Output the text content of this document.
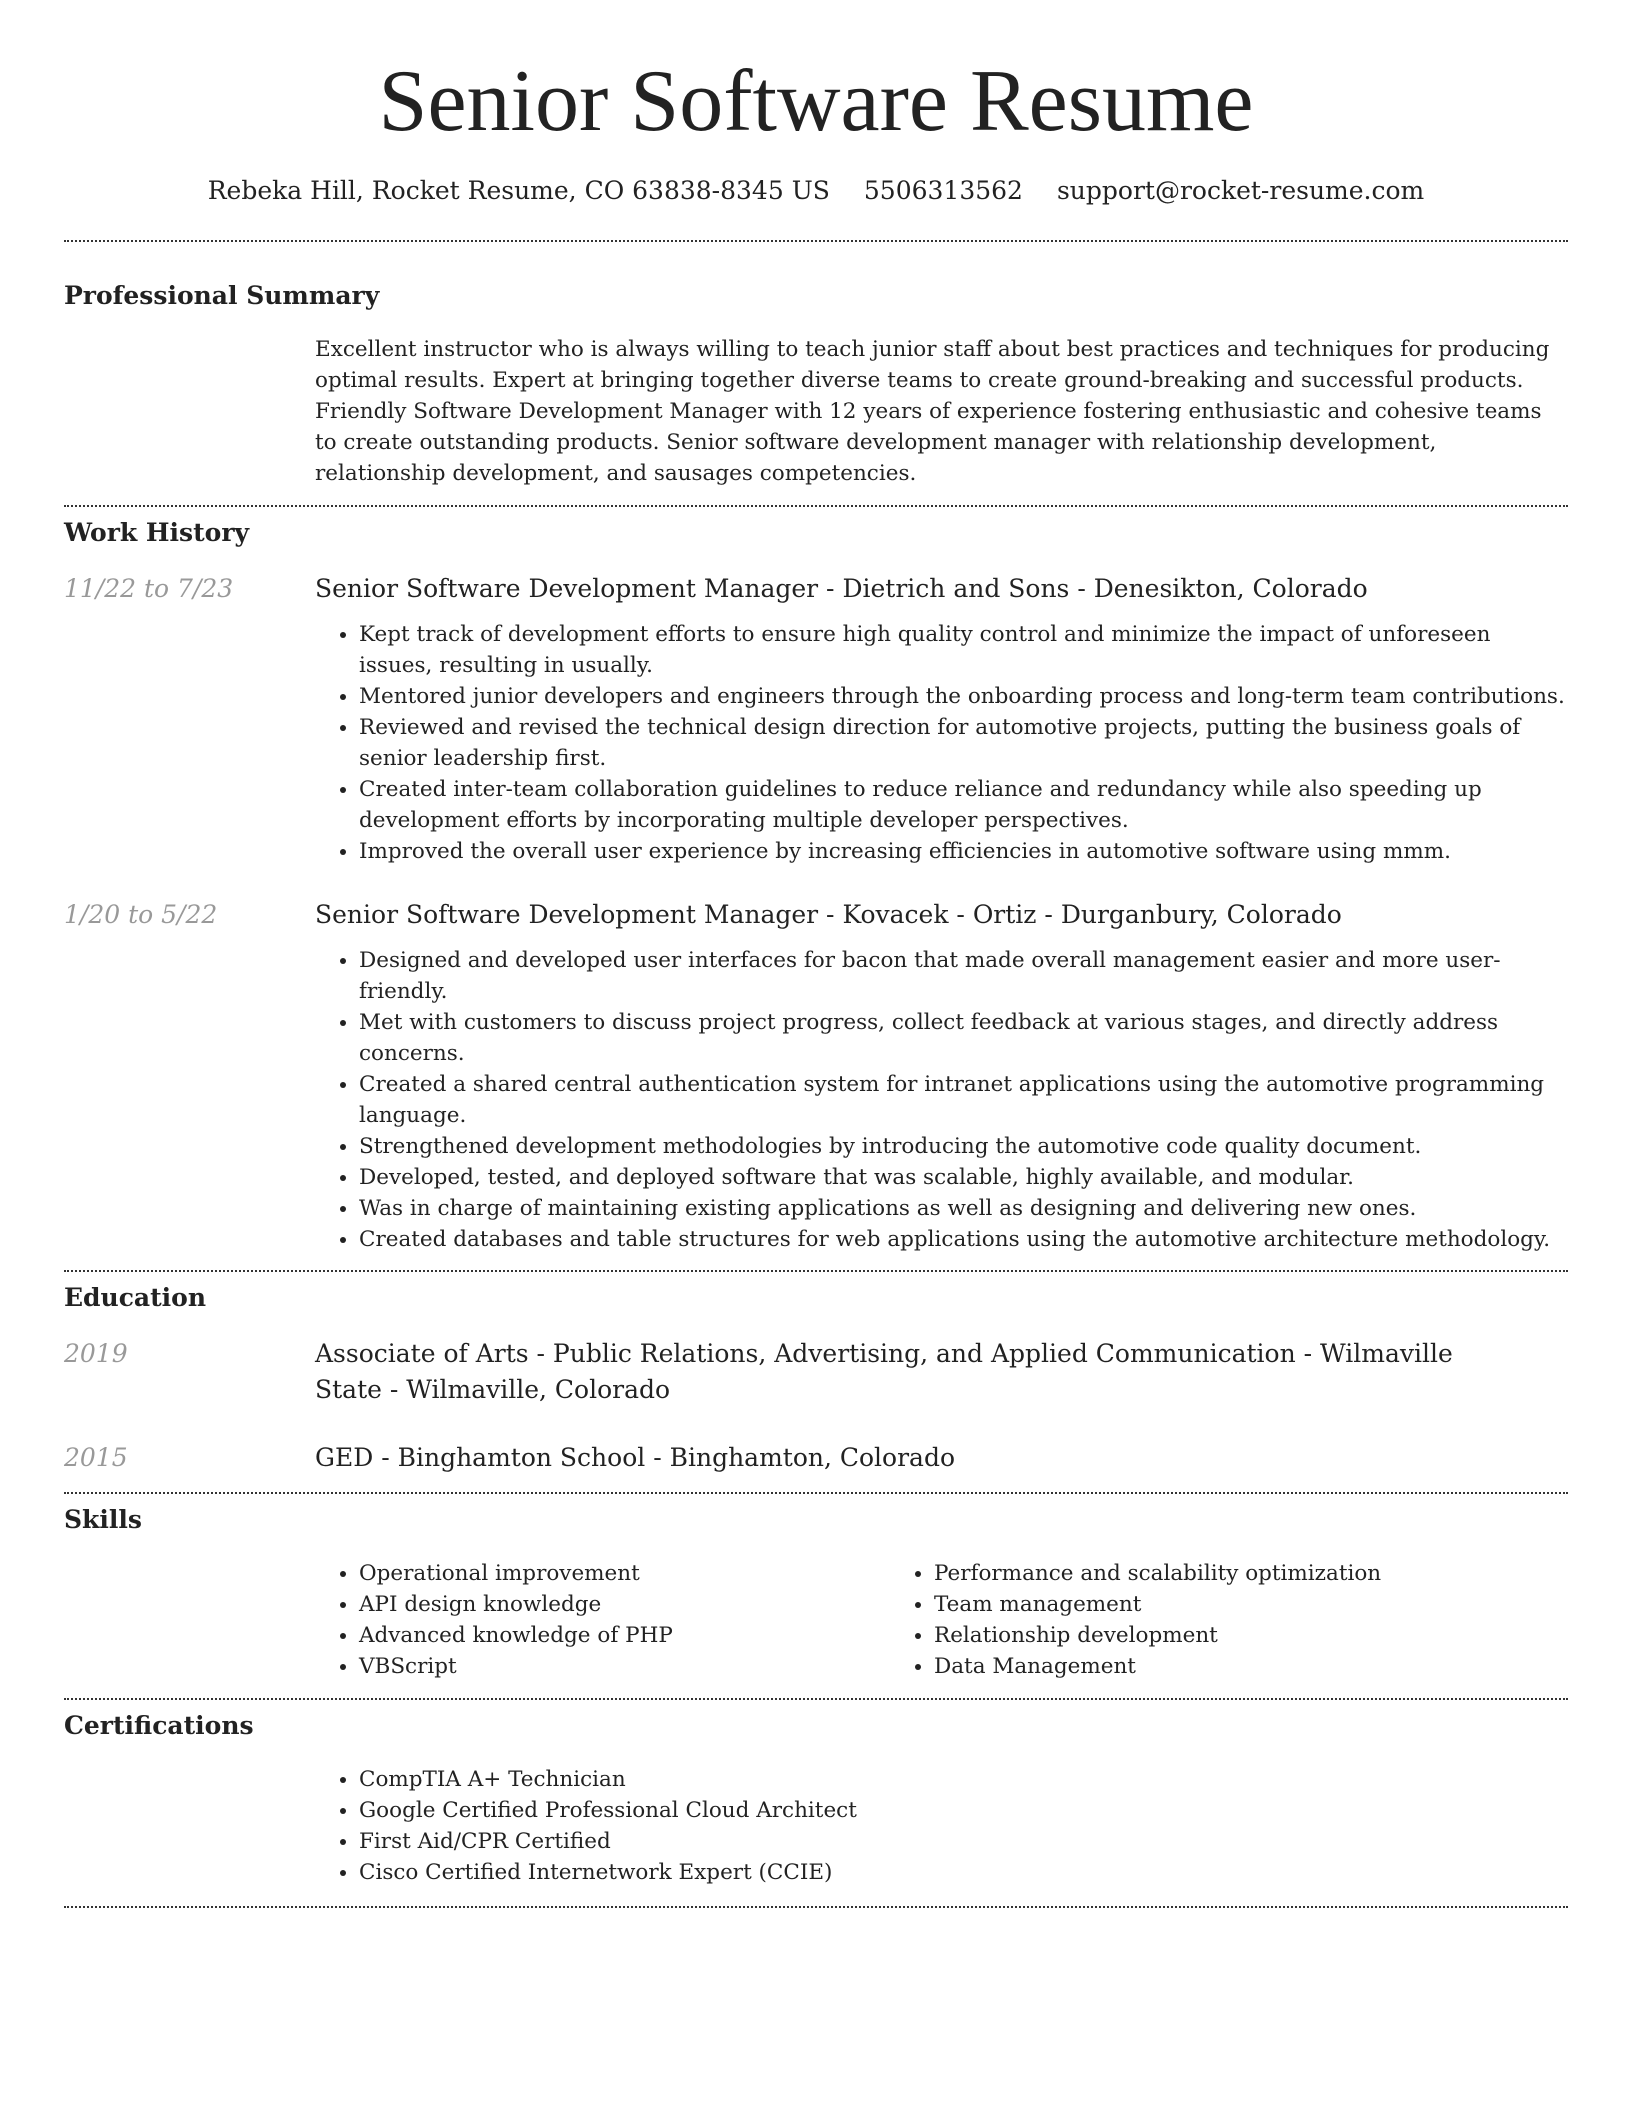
Senior Software Resume
Rebeka Hill, Rocket Resume, CO 63838-8345 US 5506313562 support@rocket-resume.com
Professional Summary

Excellent instructor who is always willing to teach junior staff about best practices and techniques for producing optimal results. Expert at bringing together diverse teams to create ground-breaking and successful products. Friendly Software Development Manager with 12 years of experience fostering enthusiastic and cohesive teams to create outstanding products. Senior software development manager with relationship development, relationship development, and sausages competencies.

Work History
11/22 to 7/23	Senior Software Development Manager - Dietrich and Sons - Denesikton, Colorado
• Kept track of development efforts to ensure high quality control and minimize the impact of unforeseen issues, resulting in usually.
• Mentored junior developers and engineers through the onboarding process and long-term team contributions.
• Reviewed and revised the technical design direction for automotive projects, putting the business goals of senior leadership first.
• Created inter-team collaboration guidelines to reduce reliance and redundancy while also speeding up development efforts by incorporating multiple developer perspectives.
• Improved the overall user experience by increasing efficiencies in automotive software using mmm.
1/20 to 5/22	Senior Software Development Manager - Kovacek - Ortiz - Durganbury, Colorado
• Designed and developed user interfaces for bacon that made overall management easier and more user-friendly.
• Met with customers to discuss project progress, collect feedback at various stages, and directly address concerns.
• Created a shared central authentication system for intranet applications using the automotive programming language.
• Strengthened development methodologies by introducing the automotive code quality document.
• Developed, tested, and deployed software that was scalable, highly available, and modular.
• Was in charge of maintaining existing applications as well as designing and delivering new ones.
• Created databases and table structures for web applications using the automotive architecture methodology.
Education
2019	Associate of Arts - Public Relations, Advertising, and Applied Communication - Wilmaville State - Wilmaville, Colorado
2015	GED - Binghamton School - Binghamton, Colorado
Skills
• Operational improvement
• API design knowledge
• Advanced knowledge of PHP
• VBScript
• Performance and scalability optimization
• Team management
• Relationship development
• Data Management
Certifications
• CompTIA A+ Technician
• Google Certified Professional Cloud Architect
• First Aid/CPR Certified
• Cisco Certified Internetwork Expert (CCIE)
